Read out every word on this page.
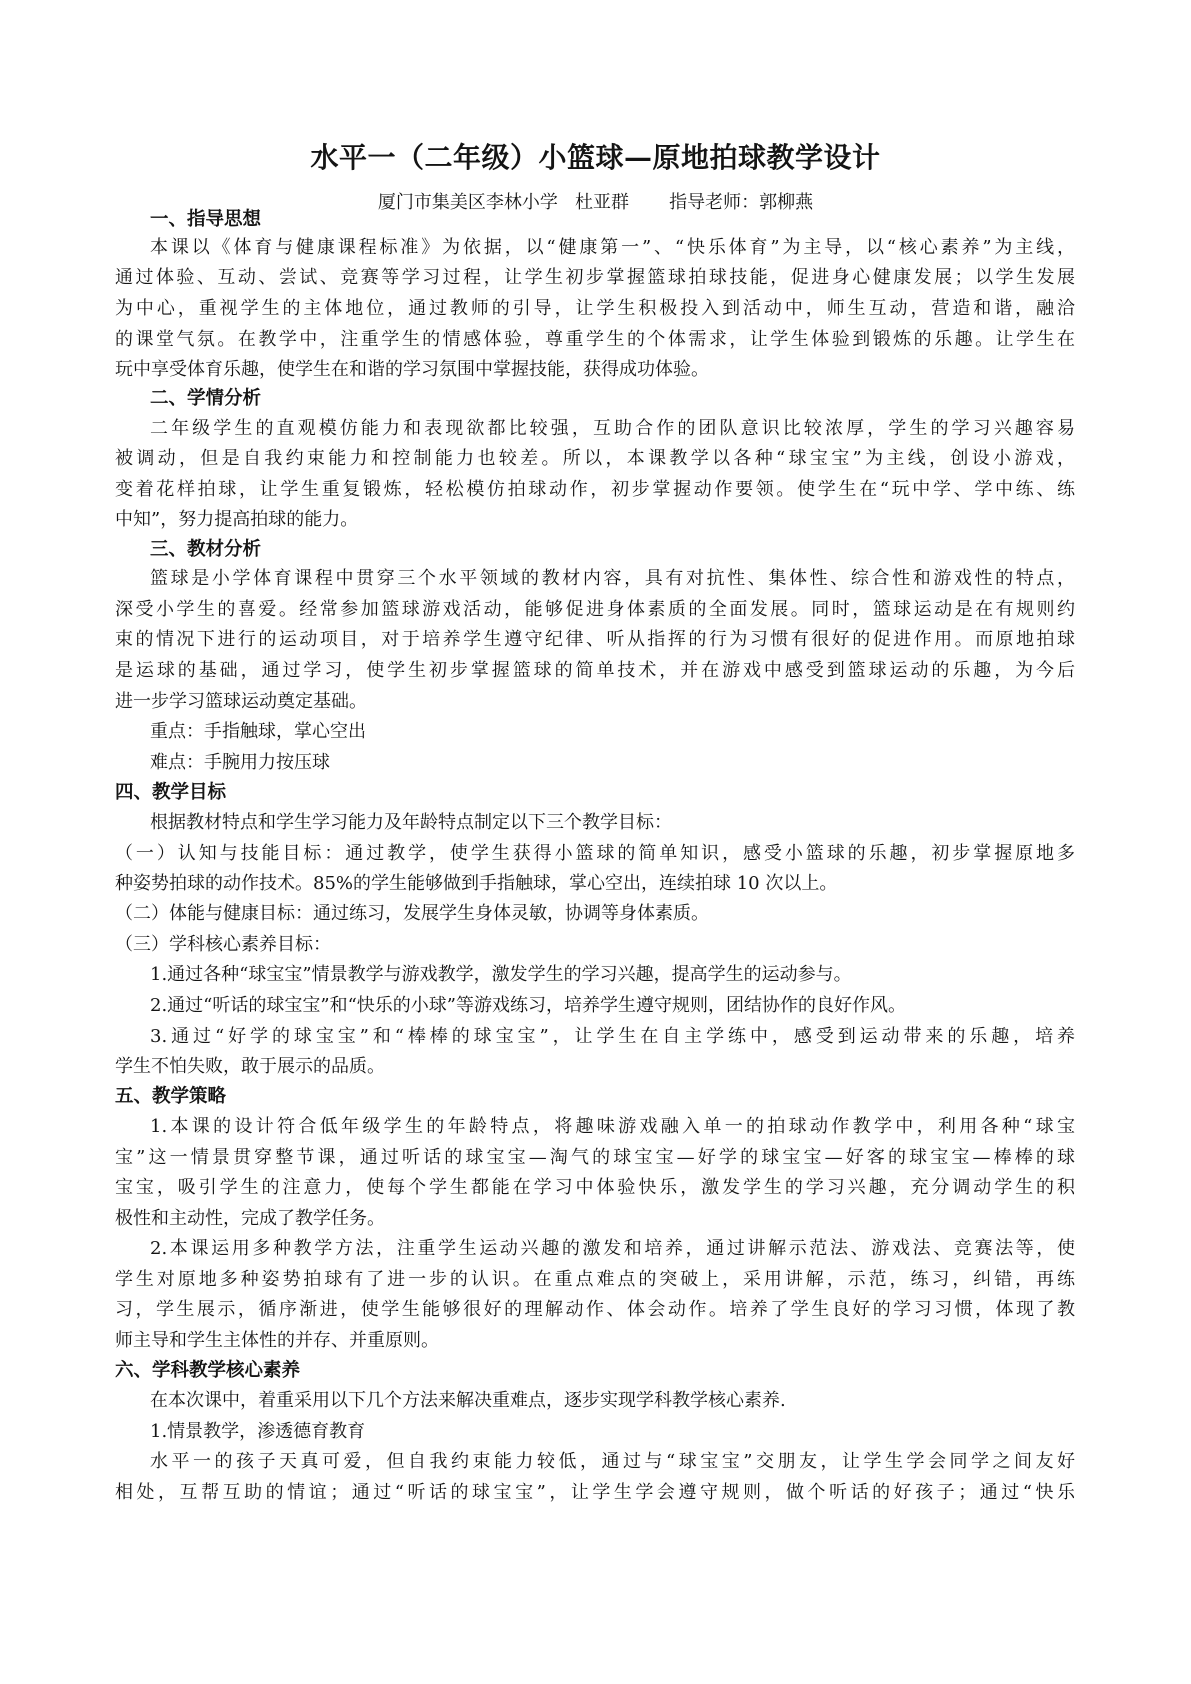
水平一（二年级）小篮球—原地拍球教学设计
厦门市集美区李林小学   杜亚群       指导老师：郭柳燕
一、指导思想
本课以《体育与健康课程标准》为依据，以“健康第一”、“快乐体育”为主导，以“核心素养”为主线，
通过体验、互动、尝试、竞赛等学习过程，让学生初步掌握篮球拍球技能，促进身心健康发展；以学生发展
为中心，重视学生的主体地位，通过教师的引导，让学生积极投入到活动中，师生互动，营造和谐，融洽
的课堂气氛。在教学中，注重学生的情感体验，尊重学生的个体需求，让学生体验到锻炼的乐趣。让学生在
玩中享受体育乐趣，使学生在和谐的学习氛围中掌握技能，获得成功体验。
二、学情分析
二年级学生的直观模仿能力和表现欲都比较强，互助合作的团队意识比较浓厚，学生的学习兴趣容易
被调动，但是自我约束能力和控制能力也较差。所以，本课教学以各种“球宝宝”为主线，创设小游戏，
变着花样拍球，让学生重复锻炼，轻松模仿拍球动作，初步掌握动作要领。使学生在“玩中学、学中练、练
中知”，努力提高拍球的能力。
三、教材分析
篮球是小学体育课程中贯穿三个水平领域的教材内容，具有对抗性、集体性、综合性和游戏性的特点，
深受小学生的喜爱。经常参加篮球游戏活动，能够促进身体素质的全面发展。同时，篮球运动是在有规则约
束的情况下进行的运动项目，对于培养学生遵守纪律、听从指挥的行为习惯有很好的促进作用。而原地拍球
是运球的基础，通过学习，使学生初步掌握篮球的简单技术，并在游戏中感受到篮球运动的乐趣，为今后
进一步学习篮球运动奠定基础。
重点：手指触球，掌心空出
难点：手腕用力按压球
四、教学目标
根据教材特点和学生学习能力及年龄特点制定以下三个教学目标：
（一）认知与技能目标：通过教学，使学生获得小篮球的简单知识，感受小篮球的乐趣，初步掌握原地多
种姿势拍球的动作技术。85%的学生能够做到手指触球，掌心空出，连续拍球 10 次以上。
（二）体能与健康目标：通过练习，发展学生身体灵敏，协调等身体素质。
（三）学科核心素养目标：
1.通过各种“球宝宝”情景教学与游戏教学，激发学生的学习兴趣，提高学生的运动参与。
2.通过“听话的球宝宝”和“快乐的小球”等游戏练习，培养学生遵守规则，团结协作的良好作风。
3.通过“好学的球宝宝”和“棒棒的球宝宝”，让学生在自主学练中，感受到运动带来的乐趣，培养
学生不怕失败，敢于展示的品质。
五、教学策略
1.本课的设计符合低年级学生的年龄特点，将趣味游戏融入单一的拍球动作教学中，利用各种“球宝
宝”这一情景贯穿整节课，通过听话的球宝宝—淘气的球宝宝—好学的球宝宝—好客的球宝宝—棒棒的球
宝宝，吸引学生的注意力，使每个学生都能在学习中体验快乐，激发学生的学习兴趣，充分调动学生的积
极性和主动性，完成了教学任务。
2.本课运用多种教学方法，注重学生运动兴趣的激发和培养，通过讲解示范法、游戏法、竞赛法等，使
学生对原地多种姿势拍球有了进一步的认识。在重点难点的突破上，采用讲解，示范，练习，纠错，再练
习，学生展示，循序渐进，使学生能够很好的理解动作、体会动作。培养了学生良好的学习习惯，体现了教
师主导和学生主体性的并存、并重原则。
六、学科教学核心素养
在本次课中，着重采用以下几个方法来解决重难点，逐步实现学科教学核心素养.
1.情景教学，渗透德育教育
水平一的孩子天真可爱，但自我约束能力较低，通过与“球宝宝”交朋友，让学生学会同学之间友好
相处，互帮互助的情谊；通过“听话的球宝宝”，让学生学会遵守规则，做个听话的好孩子；通过“快乐
